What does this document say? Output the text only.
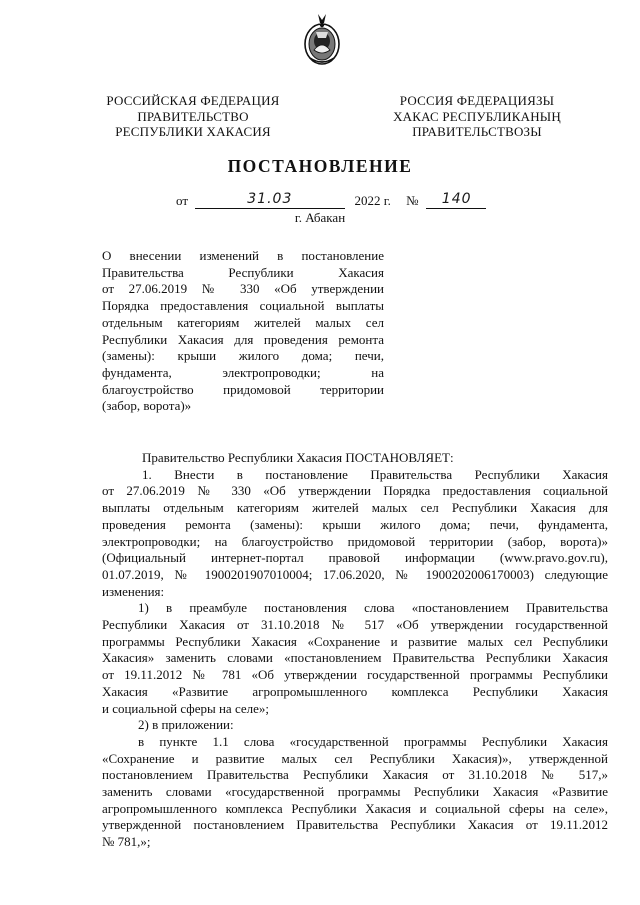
РОССИЙСКАЯ ФЕДЕРАЦИЯ
ПРАВИТЕЛЬСТВО
РЕСПУБЛИКИ ХАКАСИЯ
РОССИЯ ФЕДЕРАЦИЯЗЫ
ХАКАС РЕСПУБЛИКАНЫҢ
ПРАВИТЕЛЬСТВОЗЫ
ПОСТАНОВЛЕНИЕ
от	31.03	2022 г. № 140
г. Абакан
О внесении изменений в постановление
Правительства Республики Хакасия
от 27.06.2019 № 330 «Об утверждении
Порядка предоставления социальной выплаты
отдельным категориям жителей малых сел
Республики Хакасия для проведения ремонта
(замены): крыши жилого дома; печи,
фундамента, электропроводки; на
благоустройство придомовой территории
(забор, ворота)»
Правительство Республики Хакасия ПОСТАНОВЛЯЕТ:
1. Внести в постановление Правительства Республики Хакасия
от 27.06.2019 № 330 «Об утверждении Порядка предоставления социальной
выплаты отдельным категориям жителей малых сел Республики Хакасия для
проведения ремонта (замены): крыши жилого дома; печи, фундамента,
электропроводки; на благоустройство придомовой территории (забор, ворота)»
(Официальный интернет-портал правовой информации (www.pravo.gov.ru),
01.07.2019, № 1900201907010004; 17.06.2020, № 1900202006170003) следующие
изменения:
1) в преамбуле постановления слова «постановлением Правительства
Республики Хакасия от 31.10.2018 № 517 «Об утверждении государственной
программы Республики Хакасия «Сохранение и развитие малых сел Республики
Хакасия» заменить словами «постановлением Правительства Республики Хакасия
от 19.11.2012 № 781 «Об утверждении государственной программы Республики
Хакасия «Развитие агропромышленного комплекса Республики Хакасия
и социальной сферы на селе»;
2) в приложении:
в пункте 1.1 слова «государственной программы Республики Хакасия
«Сохранение и развитие малых сел Республики Хакасия)», утвержденной
постановлением Правительства Республики Хакасия от 31.10.2018 № 517,»
заменить словами «государственной программы Республики Хакасия «Развитие
агропромышленного комплекса Республики Хакасия и социальной сферы на селе»,
утвержденной постановлением Правительства Республики Хакасия от 19.11.2012
№ 781,»;
